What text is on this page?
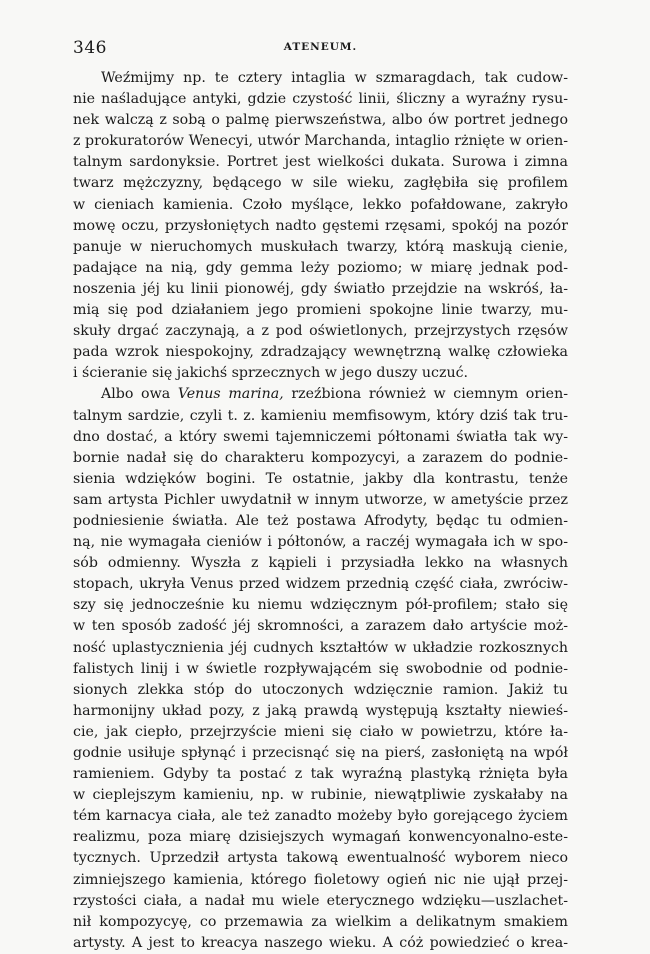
346	ATENEUM.
Weźmijmy np. te cztery intaglia w szmaragdach, tak cudow-
nie naśladujące antyki, gdzie czystość linii, śliczny a wyraźny rysu-
nek walczą z sobą o palmę pierwszeństwa, albo ów portret jednego
z prokuratorów Wenecyi, utwór Marchanda, intaglio rżnięte w orien-
talnym sardonyksie. Portret jest wielkości dukata. Surowa i zimna
twarz mężczyzny, będącego w sile wieku, zagłębiła się profilem
w cieniach kamienia. Czoło myślące, lekko pofałdowane, zakryło
mowę oczu, przysłoniętych nadto gęstemi rzęsami, spokój na pozór
panuje w nieruchomych muskułach twarzy, którą maskują cienie,
padające na nią, gdy gemma leży poziomo; w miarę jednak pod-
noszenia jéj ku linii pionowéj, gdy światło przejdzie na wskróś, ła-
mią się pod działaniem jego promieni spokojne linie twarzy, mu-
skuły drgać zaczynają, a z pod oświetlonych, przejrzystych rzęsów
pada wzrok niespokojny, zdradzający wewnętrzną walkę człowieka
i ścieranie się jakichś sprzecznych w jego duszy uczuć.
Albo owa Venus marina, rzeźbiona również w ciemnym orien-
talnym sardzie, czyli t. z. kamieniu memfisowym, który dziś tak tru-
dno dostać, a który swemi tajemniczemi półtonami światła tak wy-
bornie nadał się do charakteru kompozycyi, a zarazem do podnie-
sienia wdzięków bogini. Te ostatnie, jakby dla kontrastu, tenże
sam artysta Pichler uwydatnił w innym utworze, w ametyście przez
podniesienie światła. Ale też postawa Afrodyty, będąc tu odmien-
ną, nie wymagała cieniów i półtonów, a raczéj wymagała ich w spo-
sób odmienny. Wyszła z kąpieli i przysiadła lekko na własnych
stopach, ukryła Venus przed widzem przednią część ciała, zwróciw-
szy się jednocześnie ku niemu wdzięcznym pół-profilem; stało się
w ten sposób zadość jéj skromności, a zarazem dało artyście moż-
ność uplastycznienia jéj cudnych kształtów w układzie rozkosznych
falistych linij i w świetle rozpływającém się swobodnie od podnie-
sionych zlekka stóp do utoczonych wdzięcznie ramion. Jakiż tu
harmonijny układ pozy, z jaką prawdą występują kształty niewieś-
cie, jak ciepło, przejrzyście mieni się ciało w powietrzu, które ła-
godnie usiłuje spłynąć i przecisnąć się na pierś, zasłoniętą na wpół
ramieniem. Gdyby ta postać z tak wyraźną plastyką rżnięta była
w cieplejszym kamieniu, np. w rubinie, niewątpliwie zyskałaby na
tém karnacya ciała, ale też zanadto możeby było gorejącego życiem
realizmu, poza miarę dzisiejszych wymagań konwencyonalno-este-
tycznych. Uprzedził artysta takową ewentualność wyborem nieco
zimniejszego kamienia, którego fioletowy ogień nic nie ujął przej-
rzystości ciała, a nadał mu wiele eterycznego wdzięku—uszlachet-
nił kompozycyę, co przemawia za wielkim a delikatnym smakiem
artysty. A jest to kreacya naszego wieku. A cóż powiedzieć o krea-
